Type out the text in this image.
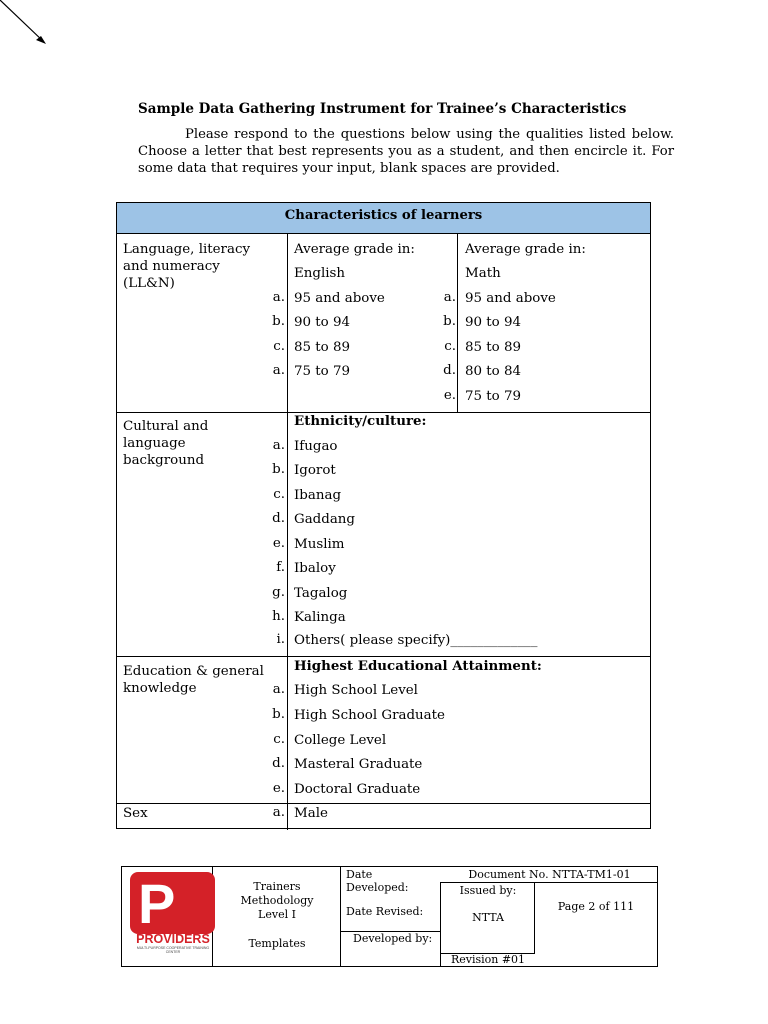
Sample Data Gathering Instrument for Trainee’s Characteristics
Please respond to the questions below using the qualities listed below. Choose a letter that best represents you as a student, and then encircle it. For some data that requires your input, blank spaces are provided.
Characteristics of learners
Language, literacy and numeracy (LL&N)
Average grade in:
English
a. 95 and above
b. 90 to 94
c. 85 to 89
a. 75 to 79
Average grade in:
Math
a. 95 and above
b. 90 to 94
c. 85 to 89
d. 80 to 84
e. 75 to 79
Cultural and language background
Ethnicity/culture:
a. Ifugao
b. Igorot
c. Ibanag
d. Gaddang
e. Muslim
f. Ibaloy
g. Tagalog
h. Kalinga
i. Others( please specify)_____________
Education & general knowledge
Highest Educational Attainment:
a. High School Level
b. High School Graduate
c. College Level
d. Masteral Graduate
e. Doctoral Graduate
Sex	a. Male
P
PROVIDERS
MULTI-PURPOSE COOPERATIVE TRAINING CENTER
Trainers
Methodology
Level I
Templates
Date
Developed:
Date Revised:
Developed by:
Document No. NTTA-TM1-01
Issued by:
NTTA
Page 2 of 111
Revision #01
